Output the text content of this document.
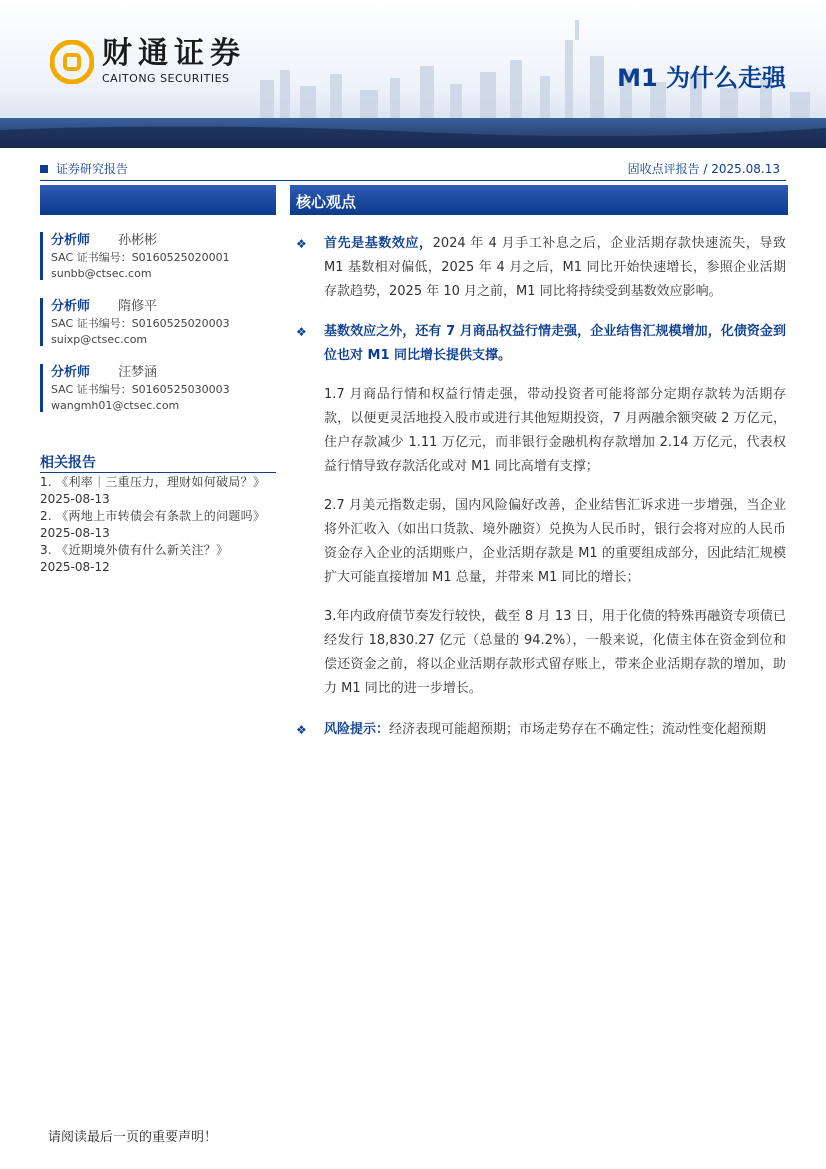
财通证券
CAITONG SECURITIES	M1 为什么走强
证券研究报告	固收点评报告 / 2025.08.13
分析师 孙彬彬
SAC 证书编号：S0160525020001
sunbb@ctsec.com
分析师 隋修平
SAC 证书编号：S0160525020003
suixp@ctsec.com
分析师 汪梦涵
SAC 证书编号：S0160525030003
wangmh01@ctsec.com
相关报告
1. 《利率｜三重压力，理财如何破局？》
2025-08-13
2. 《两地上市转债会有条款上的问题吗》
2025-08-13
3. 《近期境外债有什么新关注？》
2025-08-12
核心观点
❖ 首先是基数效应，2024 年 4 月手工补息之后，企业活期存款快速流失，导致 M1 基数相对偏低，2025 年 4 月之后，M1 同比开始快速增长，参照企业活期存款趋势，2025 年 10 月之前，M1 同比将持续受到基数效应影响。
❖ 基数效应之外，还有 7 月商品权益行情走强，企业结售汇规模增加，化债资金到位也对 M1 同比增长提供支撑。
1.7 月商品行情和权益行情走强，带动投资者可能将部分定期存款转为活期存款，以便更灵活地投入股市或进行其他短期投资，7 月两融余额突破 2 万亿元，住户存款减少 1.11 万亿元，而非银行金融机构存款增加 2.14 万亿元，代表权益行情导致存款活化或对 M1 同比高增有支撑；
2.7 月美元指数走弱，国内风险偏好改善，企业结售汇诉求进一步增强，当企业将外汇收入（如出口货款、境外融资）兑换为人民币时，银行会将对应的人民币资金存入企业的活期账户，企业活期存款是 M1 的重要组成部分，因此结汇规模扩大可能直接增加 M1 总量，并带来 M1 同比的增长；
3.年内政府债节奏发行较快，截至 8 月 13 日，用于化债的特殊再融资专项债已经发行 18,830.27 亿元（总量的 94.2%），一般来说，化债主体在资金到位和偿还资金之前，将以企业活期存款形式留存账上，带来企业活期存款的增加，助力 M1 同比的进一步增长。
❖ 风险提示：经济表现可能超预期；市场走势存在不确定性；流动性变化超预期
请阅读最后一页的重要声明！
